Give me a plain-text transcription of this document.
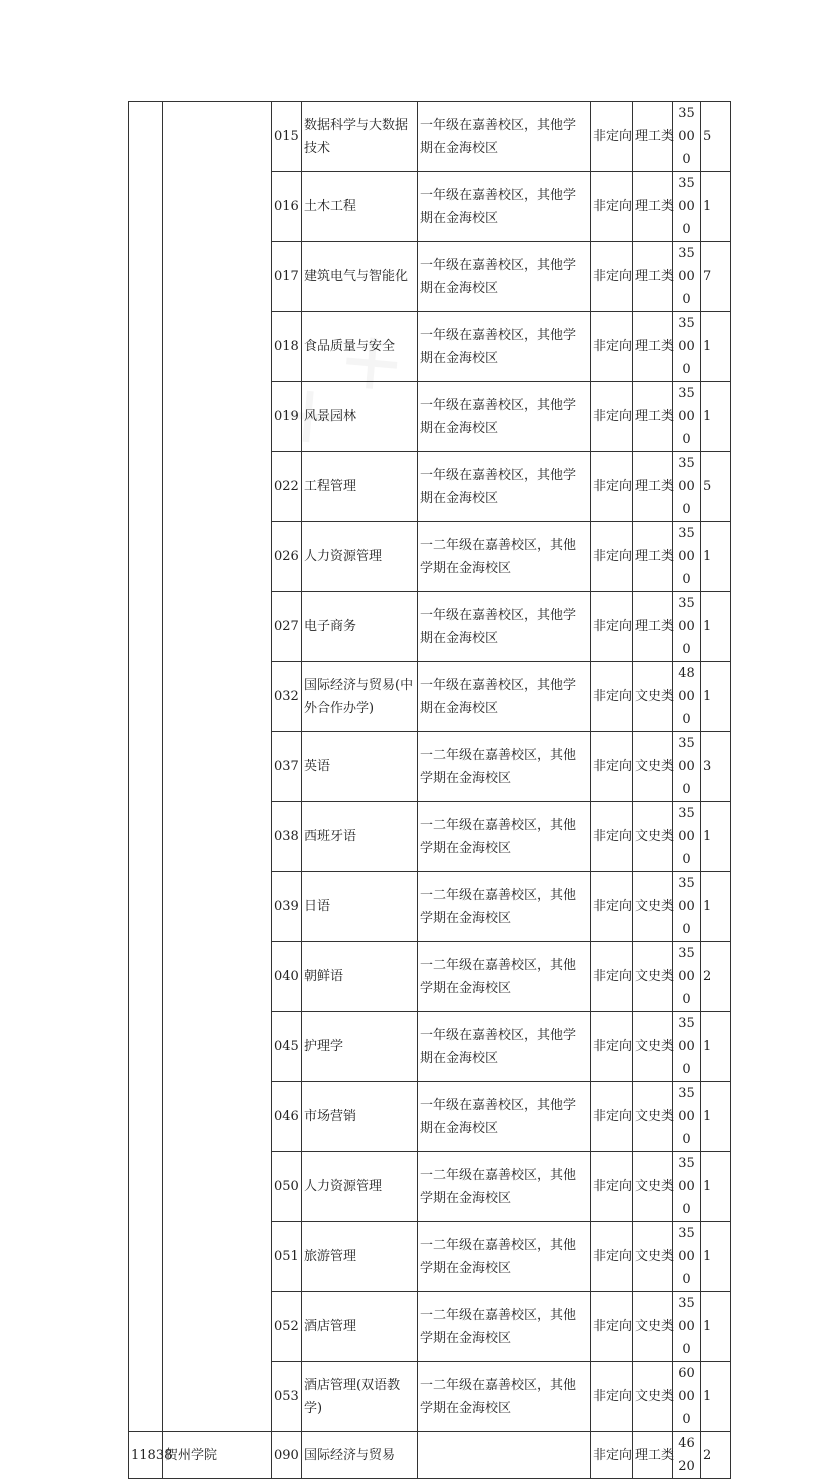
		015	数据科学与大数据技术	一年级在嘉善校区，其他学期在金海校区	非定向	理工类	35000	5
		016	土木工程	一年级在嘉善校区，其他学期在金海校区	非定向	理工类	35000	1
		017	建筑电气与智能化	一年级在嘉善校区，其他学期在金海校区	非定向	理工类	35000	7
		018	食品质量与安全	一年级在嘉善校区，其他学期在金海校区	非定向	理工类	35000	1
		019	风景园林	一年级在嘉善校区，其他学期在金海校区	非定向	理工类	35000	1
		022	工程管理	一年级在嘉善校区，其他学期在金海校区	非定向	理工类	35000	5
		026	人力资源管理	一二年级在嘉善校区，其他学期在金海校区	非定向	理工类	35000	1
		027	电子商务	一年级在嘉善校区，其他学期在金海校区	非定向	理工类	35000	1
		032	国际经济与贸易(中外合作办学)	一年级在嘉善校区，其他学期在金海校区	非定向	文史类	48000	1
		037	英语	一二年级在嘉善校区，其他学期在金海校区	非定向	文史类	35000	3
		038	西班牙语	一二年级在嘉善校区，其他学期在金海校区	非定向	文史类	35000	1
		039	日语	一二年级在嘉善校区，其他学期在金海校区	非定向	文史类	35000	1
		040	朝鲜语	一二年级在嘉善校区，其他学期在金海校区	非定向	文史类	35000	2
		045	护理学	一年级在嘉善校区，其他学期在金海校区	非定向	文史类	35000	1
		046	市场营销	一年级在嘉善校区，其他学期在金海校区	非定向	文史类	35000	1
		050	人力资源管理	一二年级在嘉善校区，其他学期在金海校区	非定向	文史类	35000	1
		051	旅游管理	一二年级在嘉善校区，其他学期在金海校区	非定向	文史类	35000	1
		052	酒店管理	一二年级在嘉善校区，其他学期在金海校区	非定向	文史类	35000	1
		053	酒店管理(双语教学)	一二年级在嘉善校区，其他学期在金海校区	非定向	文史类	60000	1
11838	贺州学院	090	国际经济与贸易		非定向	理工类	4620	2
